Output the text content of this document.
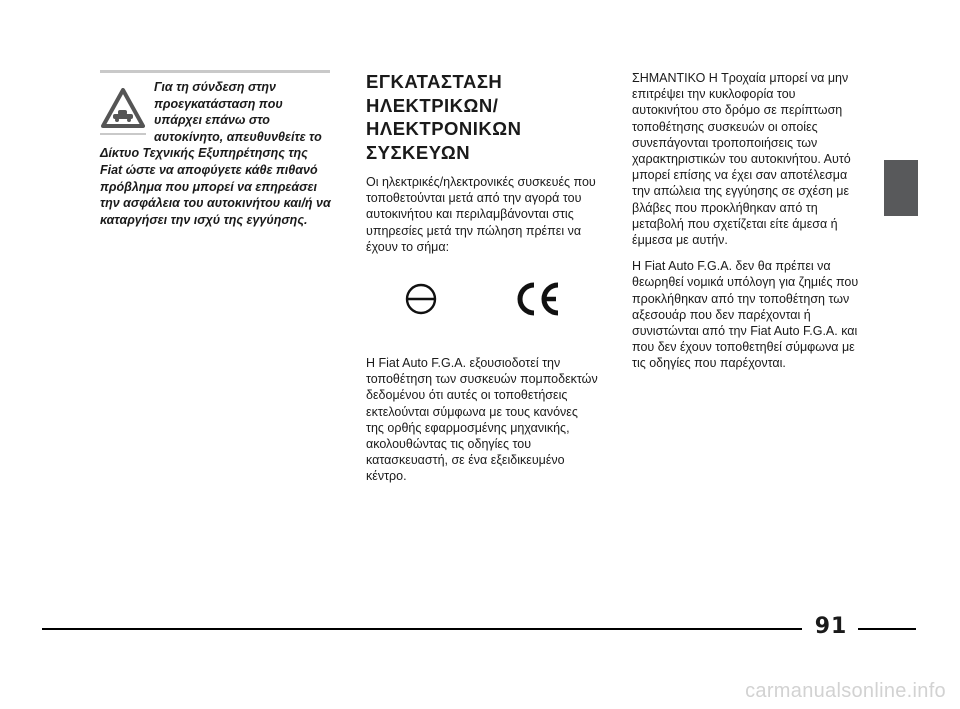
Για τη σύνδεση στην προεγκατάσταση που υπάρχει επάνω στο αυτοκίνητο, απευθυνθείτε το Δίκτυο Τεχνικής Εξυπηρέτησης της Fiat ώστε να αποφύγετε κάθε πιθανό πρόβλημα που μπορεί να επηρεάσει την ασφάλεια του αυτοκινήτου και/ή να καταργήσει την ισχύ της εγγύησης.

ΕΓΚΑΤΑΣΤΑΣΗ
ΗΛΕΚΤΡΙΚΩΝ/
ΗΛΕΚΤΡΟΝΙΚΩΝ
ΣΥΣΚΕΥΩΝ

Οι ηλεκτρικές/ηλεκτρονικές συσκευές που τοποθετούνται μετά από την αγορά του αυτοκινήτου και περιλαμβάνονται στις υπηρεσίες μετά την πώληση πρέπει να έχουν το σήμα:

Η Fiat Auto F.G.A. εξουσιοδοτεί την τοποθέτηση των συσκευών πομποδεκτών δεδομένου ότι αυτές οι τοποθετήσεις εκτελούνται σύμφωνα με τους κανόνες της ορθής εφαρμοσμένης μηχανικής, ακολουθώντας τις οδηγίες του κατασκευαστή, σε ένα εξειδικευμένο κέντρο.

ΣΗΜΑΝΤΙΚΟ Η Τροχαία μπορεί να μην επιτρέψει την κυκλοφορία του αυτοκινήτου στο δρόμο σε περίπτωση τοποθέτησης συσκευών οι οποίες συνεπάγονται τροποποιήσεις των χαρακτηριστικών του αυτοκινήτου. Αυτό μπορεί επίσης να έχει σαν αποτέλεσμα την απώλεια της εγγύησης σε σχέση με βλάβες που προκλήθηκαν από τη μεταβολή που σχετίζεται είτε άμεσα ή έμμεσα με αυτήν.

Η Fiat Auto F.G.A. δεν θα πρέπει να θεωρηθεί νομικά υπόλογη για ζημιές που προκλήθηκαν από την τοποθέτηση των αξεσουάρ που δεν παρέχονται ή συνιστώνται από την Fiat Auto F.G.A. και που δεν έχουν τοποθετηθεί σύμφωνα με τις οδηγίες που παρέχονται.

91
carmanualsonline.info
